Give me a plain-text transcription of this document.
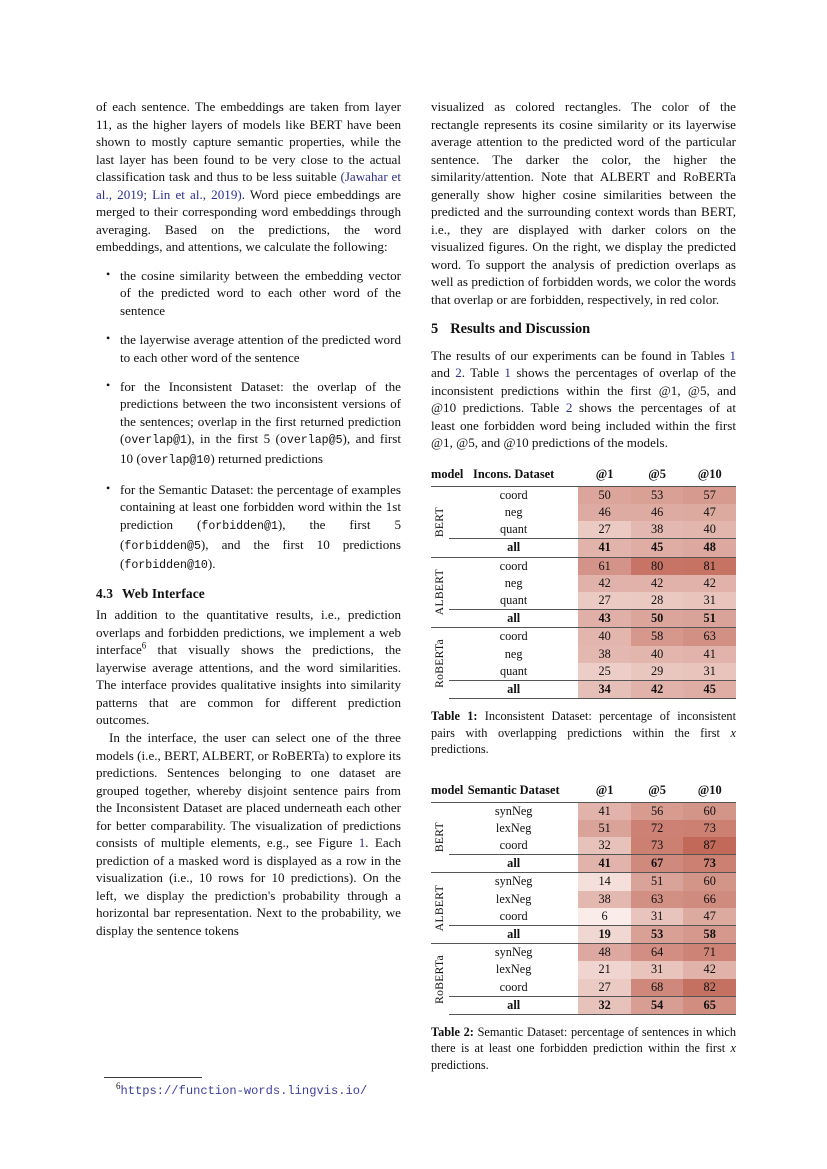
of each sentence. The embeddings are taken from layer 11, as the higher layers of models like BERT have been shown to mostly capture semantic properties, while the last layer has been found to be very close to the actual classification task and thus to be less suitable (Jawahar et al., 2019; Lin et al., 2019). Word piece embeddings are merged to their corresponding word embeddings through averaging. Based on the predictions, the word embeddings, and attentions, we calculate the following:

• the cosine similarity between the embedding vector of the predicted word to each other word of the sentence
• the layerwise average attention of the predicted word to each other word of the sentence
• for the Inconsistent Dataset: the overlap of the predictions between the two inconsistent versions of the sentences; overlap in the first returned prediction (overlap@1), in the first 5 (overlap@5), and first 10 (overlap@10) returned predictions
• for the Semantic Dataset: the percentage of examples containing at least one forbidden word within the 1st prediction (forbidden@1), the first 5 (forbidden@5), and the first 10 predictions (forbidden@10).
4.3 Web Interface

In addition to the quantitative results, i.e., prediction overlaps and forbidden predictions, we implement a web interface$^6$ that visually shows the predictions, the layerwise average attentions, and the word similarities. The interface provides qualitative insights into similarity patterns that are common for different prediction outcomes.

In the interface, the user can select one of the three models (i.e., BERT, ALBERT, or RoBERTa) to explore its predictions. Sentences belonging to one dataset are grouped together, whereby disjoint sentence pairs from the Inconsistent Dataset are placed underneath each other for better comparability. The visualization of predictions consists of multiple elements, e.g., see Figure 1. Each prediction of a masked word is displayed as a row in the visualization (i.e., 10 rows for 10 predictions). On the left, we display the prediction's probability through a horizontal bar representation. Next to the probability, we display the sentence tokens

$^6$https://function-words.lingvis.io/

visualized as colored rectangles. The color of the rectangle represents its cosine similarity or its layerwise average attention to the predicted word of the particular sentence. The darker the color, the higher the similarity/attention. Note that ALBERT and RoBERTa generally show higher cosine similarities between the predicted and the surrounding context words than BERT, i.e., they are displayed with darker colors on the visualized figures. On the right, we display the predicted word. To support the analysis of prediction overlaps as well as prediction of forbidden words, we color the words that overlap or are forbidden, respectively, in red color.

5 Results and Discussion

The results of our experiments can be found in Tables 1 and 2. Table 1 shows the percentages of overlap of the inconsistent predictions within the first @1, @5, and @10 predictions. Table 2 shows the percentages of at least one forbidden word being included within the first @1, @5, and @10 predictions of the models.

model	Incons. Dataset	@1	@5	@10

BERT	coord	50	53	57
	neg	46	46	47
	quant	27	38	40
	all	41	45	48

ALBERT	coord	61	80	81
	neg	42	42	42
	quant	27	28	31
	all	43	50	51

RoBERTa	coord	40	58	63
	neg	38	40	41
	quant	25	29	31
	all	34	42	45

Table 1: Inconsistent Dataset: percentage of inconsistent pairs with overlapping predictions within the first x predictions.

model	Semantic Dataset	@1	@5	@10

BERT	synNeg	41	56	60
	lexNeg	51	72	73
	coord	32	73	87
	all	41	67	73

ALBERT	synNeg	14	51	60
	lexNeg	38	63	66
	coord	6	31	47
	all	19	53	58

RoBERTa	synNeg	48	64	71
	lexNeg	21	31	42
	coord	27	68	82
	all	32	54	65

Table 2: Semantic Dataset: percentage of sentences in which there is at least one forbidden prediction within the first x predictions.
